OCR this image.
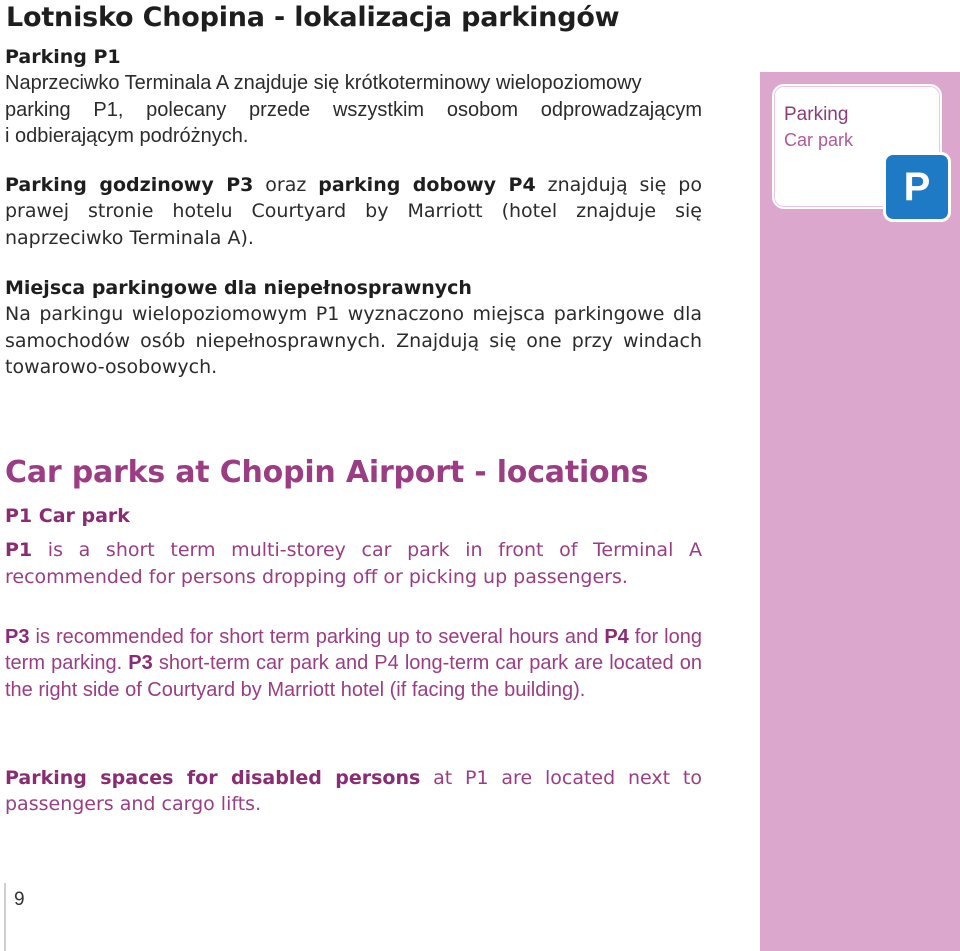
Parking
Car park
P
Lotnisko Chopina - lokalizacja parkingów
Parking P1
Naprzeciwko Terminala A znajduje się krótkoterminowy wielopoziomowy
parking P1, polecany przede wszystkim osobom odprowadzającym
i odbierającym podróżnych.

Parking godzinowy P3 oraz parking dobowy P4 znajdują się po prawej stronie hotelu Courtyard by Marriott (hotel znajduje się naprzeciwko Terminala A).

Miejsca parkingowe dla niepełnosprawnych

Na parkingu wielopoziomowym P1 wyznaczono miejsca parkingowe dla samochodów osób niepełnosprawnych. Znajdują się one przy windach towarowo-osobowych.

Car parks at Chopin Airport - locations
P1 Car park

P1 is a short term multi-storey car park in front of Terminal A recommended for persons dropping off or picking up passengers.

P3 is recommended for short term parking up to several hours and P4 for long term parking. P3 short-term car park and P4 long-term car park are located on the right side of Courtyard by Marriott hotel (if facing the building).

Parking spaces for disabled persons at P1 are located next to passengers and cargo lifts.

9
